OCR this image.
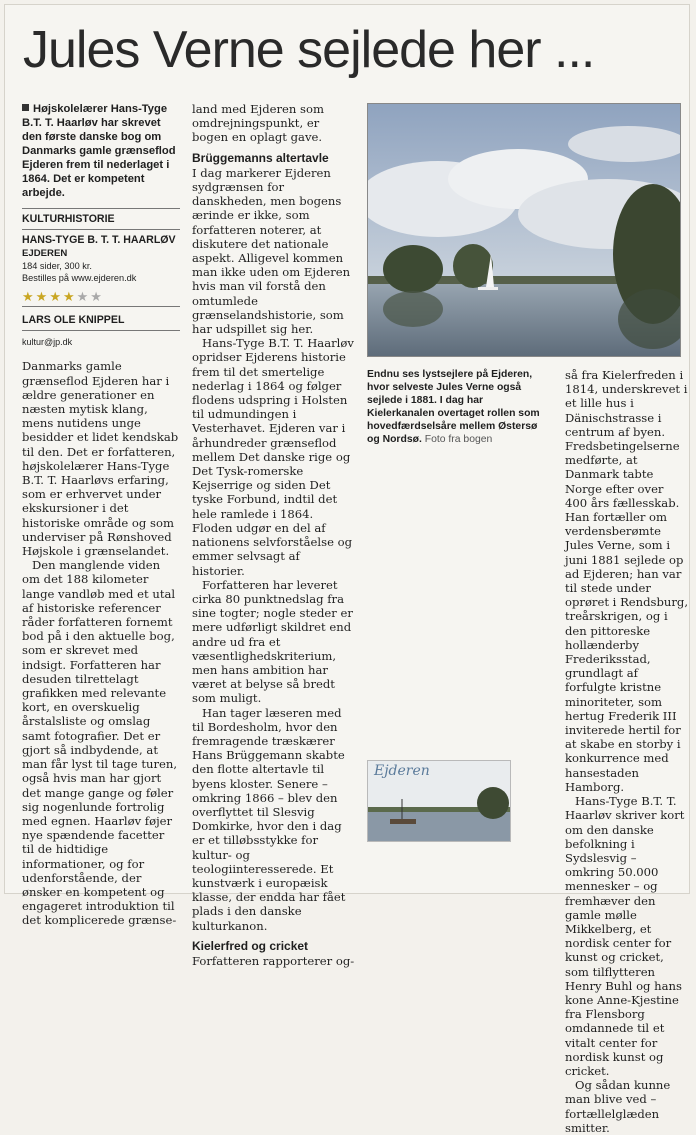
Jules Verne sejlede her ...
Højskolelærer Hans-Tyge B.T. T. Haarløv har skrevet den første danske bog om Danmarks gamle grænseflod Ejderen frem til nederlaget i 1864. Det er kompetent arbejde.
KULTURHISTORIE
HANS-TYGE B. T. T. HAARLØV
EJDEREN
184 sider, 300 kr.
Bestilles på www.ejderen.dk
★ ★ ★ ★ ★ ★
LARS OLE KNIPPEL
kultur@jp.dk

Danmarks gamle grænseflod Ejderen har i ældre generationer en næsten mytisk klang, mens nutidens unge besidder et lidet kendskab til den. Det er forfatteren, højskolelærer Hans-Tyge B.T. T. Haarløvs erfaring, som er erhvervet under ekskursioner i det historiske område og som underviser på Rønshoved Højskole i grænselandet.

Den manglende viden om det 188 kilometer lange vandløb med et utal af historiske referencer råder forfatteren fornemt bod på i den aktuelle bog, som er skrevet med indsigt. Forfatteren har desuden tilrettelagt grafikken med relevante kort, en overskuelig årstalsliste og omslag samt fotografier. Det er gjort så indbydende, at man får lyst til tage turen, også hvis man har gjort det mange gange og føler sig nogenlunde fortrolig med egnen. Haarløv føjer nye spændende facetter til de hidtidige informationer, og for udenforstående, der ønsker en kompetent og engageret introduktion til det komplicerede grænse-

land med Ejderen som omdrejningspunkt, er bogen en oplagt gave.

Brüggemanns altertavle

I dag markerer Ejderen sydgrænsen for danskheden, men bogens ærinde er ikke, som forfatteren noterer, at diskutere det nationale aspekt. Alligevel kommen man ikke uden om Ejderen hvis man vil forstå den omtumlede grænselandshistorie, som har udspillet sig her.

Hans-Tyge B.T. T. Haarløv opridser Ejderens historie frem til det smertelige nederlag i 1864 og følger flodens udspring i Holsten til udmundingen i Vesterhavet. Ejderen var i århundreder grænseflod mellem Det danske rige og Det Tysk-romerske Kejserrige og siden Det tyske Forbund, indtil det hele ramlede i 1864. Floden udgør en del af nationens selvforståelse og emmer selvsagt af historier.

Forfatteren har leveret cirka 80 punktnedslag fra sine togter; nogle steder er mere udførligt skildret end andre ud fra et væsentlighedskriterium, men hans ambition har været at belyse så bredt som muligt.

Han tager læseren med til Bordesholm, hvor den fremragende træskærer Hans Brüggemann skabte den flotte altertavle til byens kloster. Senere – omkring 1866 – blev den overflyttet til Slesvig Domkirke, hvor den i dag er et tilløbsstykke for kultur- og teologiinteresserede. Et kunstværk i europæisk klasse, der endda har fået plads i den danske kulturkanon.

Kielerfred og cricket

Forfatteren rapporterer og-

Endnu ses lystsejlere på Ejderen, hvor selveste Jules Verne også sejlede i 1881. I dag har Kielerkanalen overtaget rollen som hovedfærdselsåre mellem Østersø og Nordsø. Foto fra bogen

så fra Kielerfreden i 1814, underskrevet i et lille hus i Dänischstrasse i centrum af byen. Fredsbetingelserne medførte, at Danmark tabte Norge efter over 400 års fællesskab. Han fortæller om verdensberømte Jules Verne, som i juni 1881 sejlede op ad Ejderen; han var til stede under oprøret i Rendsburg, treårskrigen, og i den pittoreske hollænderby Frederiksstad, grundlagt af forfulgte kristne minoriteter, som hertug Frederik III inviterede hertil for at skabe en storby i konkurrence med hansestaden Hamborg.

Hans-Tyge B.T. T. Haarløv skriver kort om den danske befolkning i Sydslesvig – omkring 50.000 mennesker – og fremhæver den gamle mølle Mikkelberg, et nordisk center for kunst og cricket, som tilflytteren Henry Buhl og hans kone Anne-Kjestine fra Flensborg omdannede til et vitalt center for nordisk kunst og cricket.

Og sådan kunne man blive ved – fortællelglæden smitter.

Ejderen
